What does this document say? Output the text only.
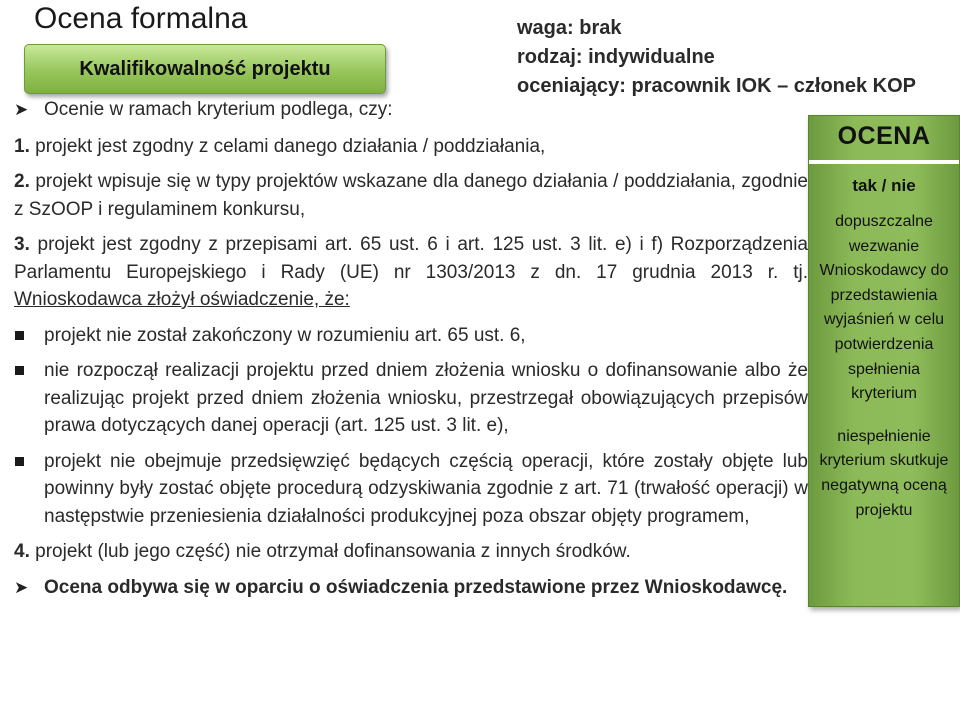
Ocena formalna
Kwalifikowalność projektu
waga: brak
rodzaj: indywidualne
oceniający: pracownik IOK – członek KOP
➤ Ocenie w ramach kryterium podlega, czy:

1. projekt jest zgodny z celami danego działania / poddziałania,

2. projekt wpisuje się w typy projektów wskazane dla danego działania / poddziałania, zgodnie z SzOOP i regulaminem konkursu,

3. projekt jest zgodny z przepisami art. 65 ust. 6 i art. 125 ust. 3 lit. e) i f) Rozporządzenia Parlamentu Europejskiego i Rady (UE) nr 1303/2013 z dn. 17 grudnia 2013 r. tj. Wnioskodawca złożył oświadczenie, że:

projekt nie został zakończony w rozumieniu art. 65 ust. 6,
nie rozpoczął realizacji projektu przed dniem złożenia wniosku o dofinansowanie albo że realizując projekt przed dniem złożenia wniosku, przestrzegał obowiązujących przepisów prawa dotyczących danej operacji (art. 125 ust. 3 lit. e),
projekt nie obejmuje przedsięwzięć będących częścią operacji, które zostały objęte lub powinny były zostać objęte procedurą odzyskiwania zgodnie z art. 71 (trwałość operacji) w następstwie przeniesienia działalności produkcyjnej poza obszar objęty programem,

4. projekt (lub jego część) nie otrzymał dofinansowania z innych środków.

➤ Ocena odbywa się w oparciu o oświadczenia przedstawione przez Wnioskodawcę.
OCENA
tak / nie
dopuszczalne wezwanie Wnioskodawcy do przedstawienia wyjaśnień w celu potwierdzenia spełnienia kryterium
niespełnienie kryterium skutkuje negatywną oceną projektu
